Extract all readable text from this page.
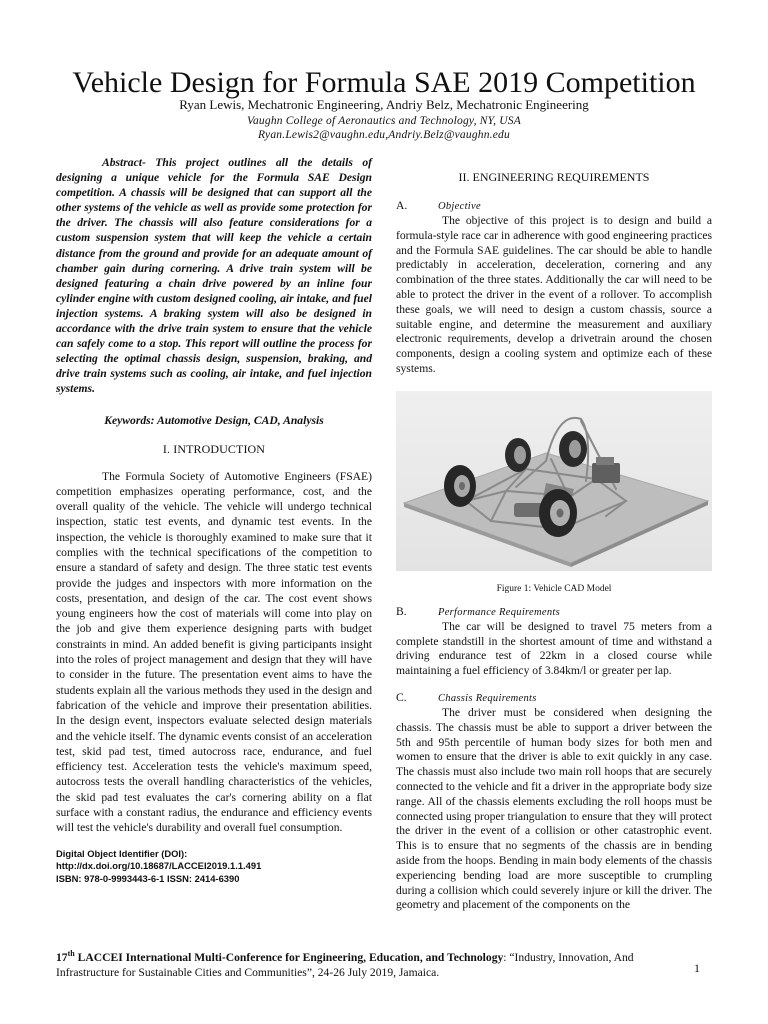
Vehicle Design for Formula SAE 2019 Competition
Ryan Lewis, Mechatronic Engineering, Andriy Belz, Mechatronic Engineering
Vaughn College of Aeronautics and Technology, NY, USA
Ryan.Lewis2@vaughn.edu,Andriy.Belz@vaughn.edu

Abstract- This project outlines all the details of designing a unique vehicle for the Formula SAE Design competition. A chassis will be designed that can support all the other systems of the vehicle as well as provide some protection for the driver. The chassis will also feature considerations for a custom suspension system that will keep the vehicle a certain distance from the ground and provide for an adequate amount of chamber gain during cornering. A drive train system will be designed featuring a chain drive powered by an inline four cylinder engine with custom designed cooling, air intake, and fuel injection systems. A braking system will also be designed in accordance with the drive train system to ensure that the vehicle can safely come to a stop. This report will outline the process for selecting the optimal chassis design, suspension, braking, and drive train systems such as cooling, air intake, and fuel injection systems.

Keywords: Automotive Design, CAD, Analysis

I. INTRODUCTION

The Formula Society of Automotive Engineers (FSAE) competition emphasizes operating performance, cost, and the overall quality of the vehicle. The vehicle will undergo technical inspection, static test events, and dynamic test events. In the inspection, the vehicle is thoroughly examined to make sure that it complies with the technical specifications of the competition to ensure a standard of safety and design. The three static test events provide the judges and inspectors with more information on the costs, presentation, and design of the car. The cost event shows young engineers how the cost of materials will come into play on the job and give them experience designing parts with budget constraints in mind. An added benefit is giving participants insight into the roles of project management and design that they will have to consider in the future. The presentation event aims to have the students explain all the various methods they used in the design and fabrication of the vehicle and improve their presentation abilities. In the design event, inspectors evaluate selected design materials and the vehicle itself. The dynamic events consist of an acceleration test, skid pad test, timed autocross race, endurance, and fuel efficiency test. Acceleration tests the vehicle's maximum speed, autocross tests the overall handling characteristics of the vehicles, the skid pad test evaluates the car's cornering ability on a flat surface with a constant radius, the endurance and efficiency events will test the vehicle's durability and overall fuel consumption.

Digital Object Identifier (DOI):
http://dx.doi.org/10.18687/LACCEI2019.1.1.491
ISBN: 978-0-9993443-6-1 ISSN: 2414-6390
II. ENGINEERING REQUIREMENTS
A.	Objective

The objective of this project is to design and build a formula-style race car in adherence with good engineering practices and the Formula SAE guidelines. The car should be able to handle predictably in acceleration, deceleration, cornering and any combination of the three states. Additionally the car will need to be able to protect the driver in the event of a rollover. To accomplish these goals, we will need to design a custom chassis, source a suitable engine, and determine the measurement and auxiliary electronic requirements, develop a drivetrain around the chosen components, design a cooling system and optimize each of these systems.

Figure 1: Vehicle CAD Model
B.	Performance Requirements

The car will be designed to travel 75 meters from a complete standstill in the shortest amount of time and withstand a driving endurance test of 22km in a closed course while maintaining a fuel efficiency of 3.84km/l or greater per lap.

C.	Chassis Requirements

The driver must be considered when designing the chassis. The chassis must be able to support a driver between the 5th and 95th percentile of human body sizes for both men and women to ensure that the driver is able to exit quickly in any case. The chassis must also include two main roll hoops that are securely connected to the vehicle and fit a driver in the appropriate body size range. All of the chassis elements excluding the roll hoops must be connected using proper triangulation to ensure that they will protect the driver in the event of a collision or other catastrophic event. This is to ensure that no segments of the chassis are in bending aside from the hoops. Bending in main body elements of the chassis experiencing bending load are more susceptible to crumpling during a collision which could severely injure or kill the driver. The geometry and placement of the components on the

17th LACCEI International Multi-Conference for Engineering, Education, and Technology: “Industry, Innovation, And
Infrastructure for Sustainable Cities and Communities”, 24-26 July 2019, Jamaica.	1
